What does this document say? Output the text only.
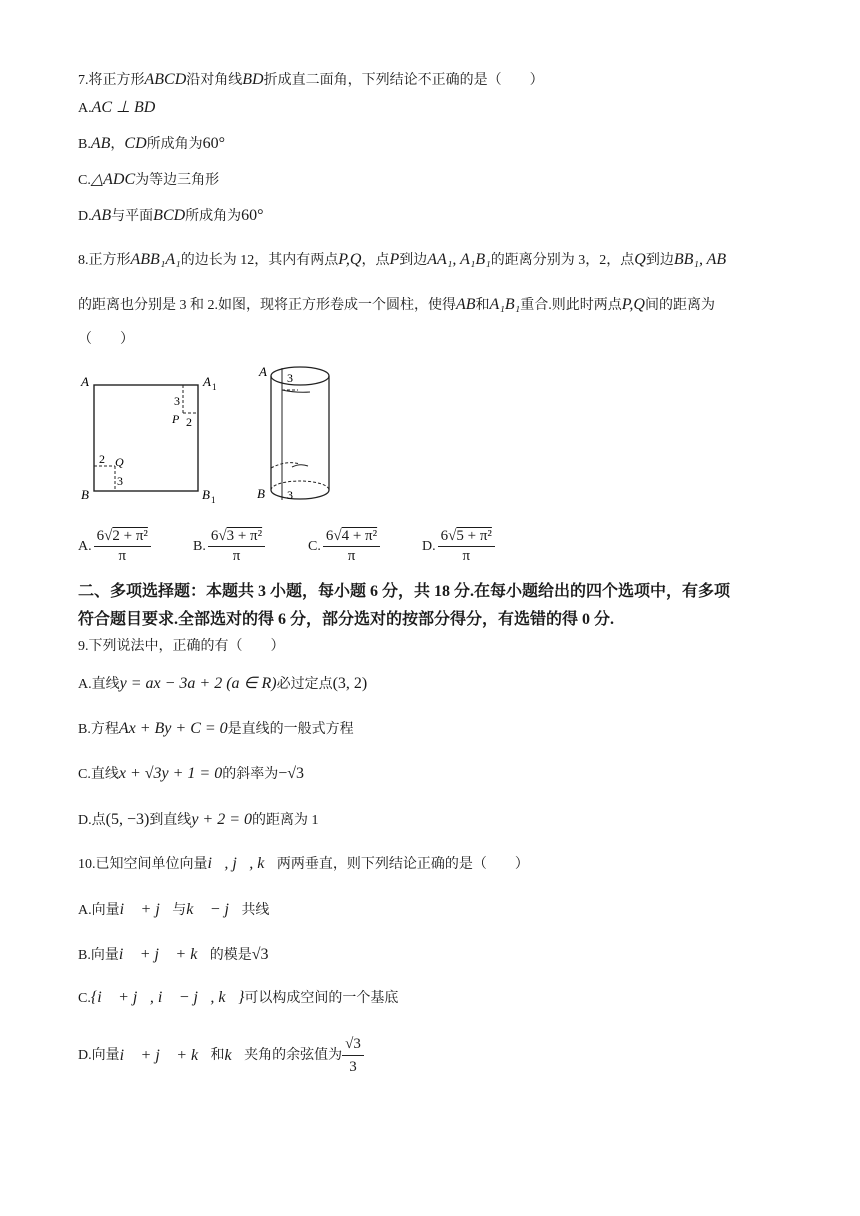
7.将正方形ABCD沿对角线BD折成直二面角，下列结论不正确的是（　　）
A.AC ⊥ BD
B.AB，CD所成角为60°
C.△ADC为等边三角形
D.AB与平面BCD所成角为60°
8.正方形ABB₁A₁的边长为 12，其内有两点P,Q，点P到边AA₁, A₁B₁的距离分别为 3，2，点Q到边BB₁, AB
的距离也分别是 3 和 2.如图，现将正方形卷成一个圆柱，使得AB和A₁B₁重合.则此时两点P,Q间的距离为
（　　）
A	A 1
B	B 1
3
P 2
2 Q
3
A
B
3
3
A. $\frac{\text{6√2 + π²}}{\pi}$	B. $\frac{\text{6√3 + π²}}{\pi}$	C. $\frac{\text{6√4 + π²}}{\pi}$	D. $\frac{\text{6√5 + π²}}{\pi}$
二、多项选择题：本题共 3 小题，每小题 6 分，共 18 分.在每小题给出的四个选项中，有多项
符合题目要求.全部选对的得 6 分，部分选对的按部分得分，有选错的得 0 分.
9.下列说法中，正确的有（　　）
A.直线y = ax − 3a + 2 (a ∈ R)必过定点(3, 2)
B.方程Ax + By + C = 0是直线的一般式方程
C.直线x + √3y + 1 = 0的斜率为−√3
D.点(5, −3)到直线y + 2 = 0的距离为 1
10.已知空间单位向量i⃗, j⃗, k⃗两两垂直，则下列结论正确的是（　　）
A.向量i⃗ + j⃗与k⃗ − j⃗共线
B.向量i⃗ + j⃗ + k⃗的模是√3
C.{i⃗ + j⃗, i⃗ − j⃗, k⃗}可以构成空间的一个基底
D.向量 i⃗ + j⃗ + k⃗ 和 k⃗ 夹角的余弦值为 $\frac{√3}{3}$
